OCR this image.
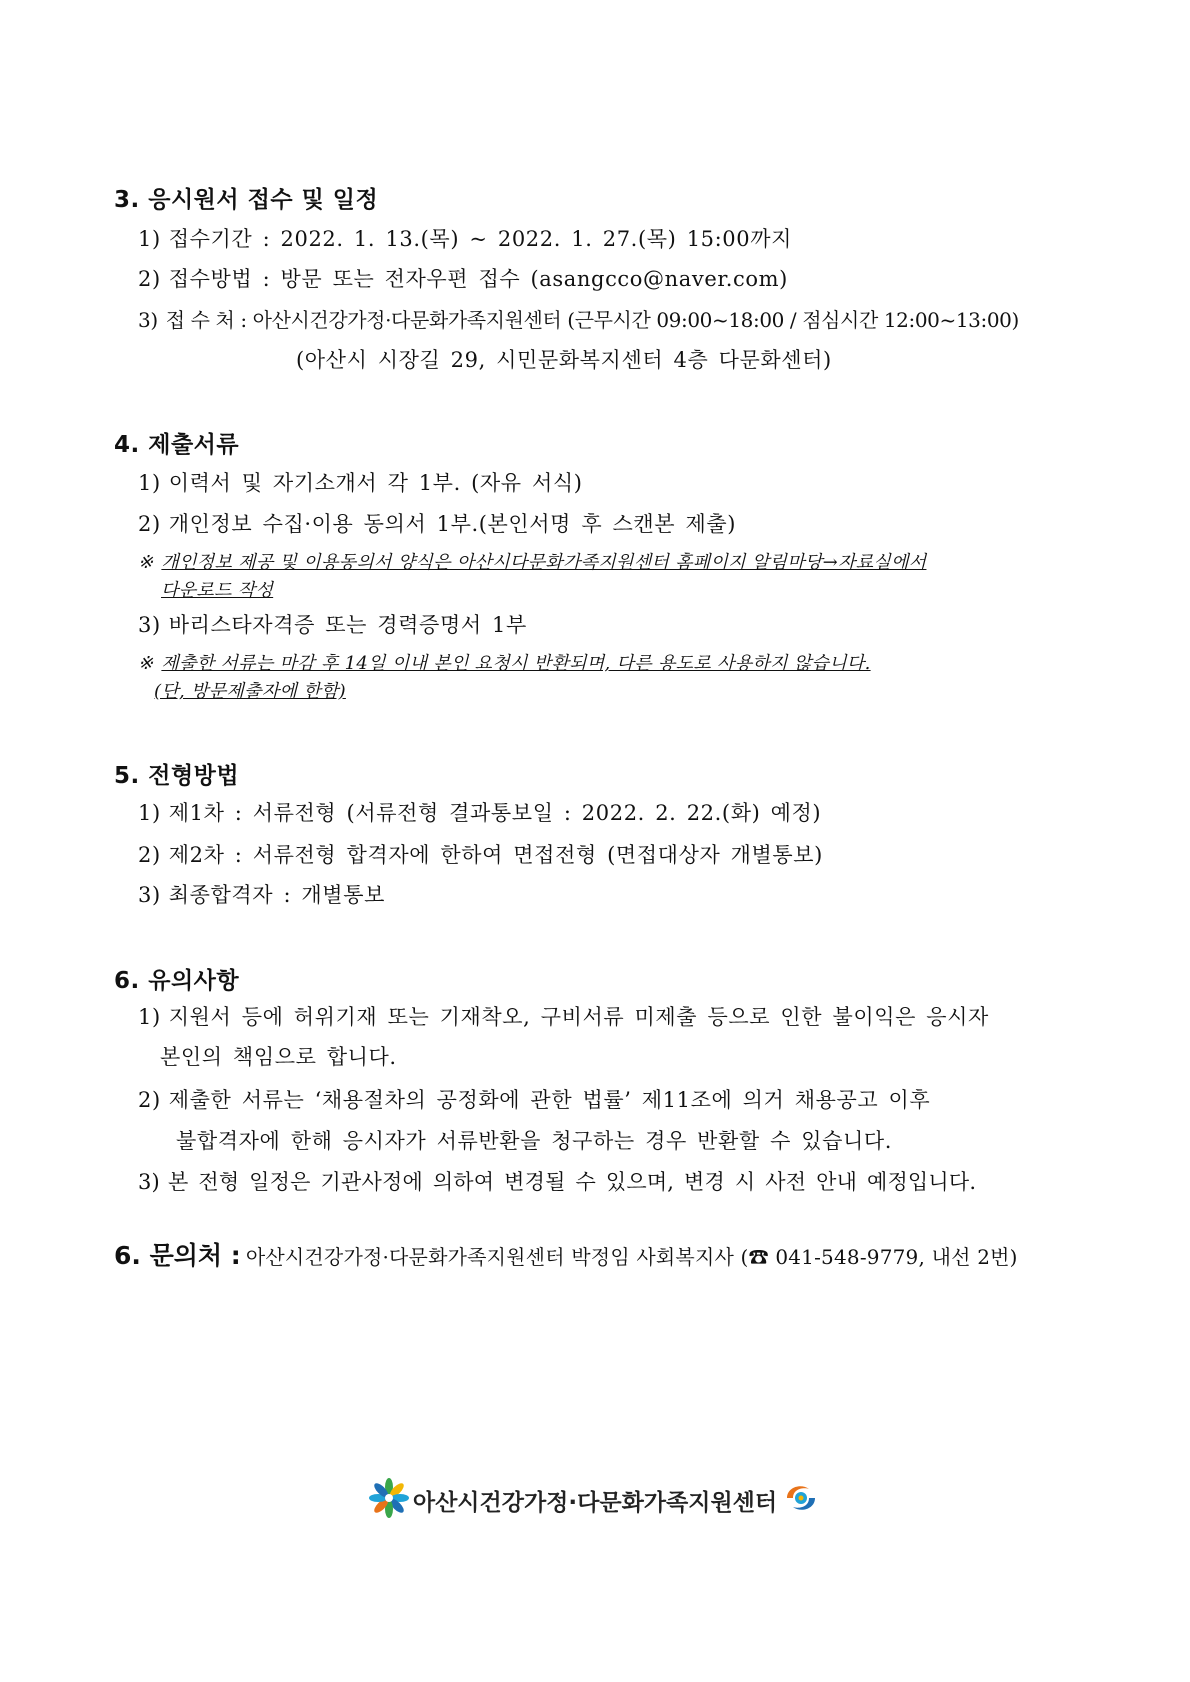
3. 응시원서 접수 및 일정
1) 접수기간 : 2022. 1. 13.(목) ~ 2022. 1. 27.(목) 15:00까지
2) 접수방법 : 방문 또는 전자우편 접수 (asangcco@naver.com)
3) 접 수 처 : 아산시건강가정·다문화가족지원센터 (근무시간 09:00~18:00 / 점심시간 12:00~13:00)
(아산시 시장길 29, 시민문화복지센터 4층 다문화센터)
4. 제출서류
1) 이력서 및 자기소개서 각 1부. (자유 서식)
2) 개인정보 수집·이용 동의서 1부.(본인서명 후 스캔본 제출)
※ 개인정보 제공 및 이용동의서 양식은 아산시다문화가족지원센터 홈페이지 알림마당→자료실에서
다운로드 작성
3) 바리스타자격증 또는 경력증명서 1부
※ 제출한 서류는 마감 후 14일 이내 본인 요청시 반환되며, 다른 용도로 사용하지 않습니다.
(단, 방문제출자에 한함)
5. 전형방법
1) 제1차 : 서류전형 (서류전형 결과통보일 : 2022. 2. 22.(화) 예정)
2) 제2차 : 서류전형 합격자에 한하여 면접전형 (면접대상자 개별통보)
3) 최종합격자 : 개별통보
6. 유의사항
1) 지원서 등에 허위기재 또는 기재착오, 구비서류 미제출 등으로 인한 불이익은 응시자
본인의 책임으로 합니다.
2) 제출한 서류는 ‘채용절차의 공정화에 관한 법률’ 제11조에 의거 채용공고 이후
불합격자에 한해 응시자가 서류반환을 청구하는 경우 반환할 수 있습니다.
3) 본 전형 일정은 기관사정에 의하여 변경될 수 있으며, 변경 시 사전 안내 예정입니다.
6. 문의처 : 아산시건강가정·다문화가족지원센터 박정임 사회복지사 (☎ 041-548-9779, 내선 2번)
아산시건강가정·다문화가족지원센터
